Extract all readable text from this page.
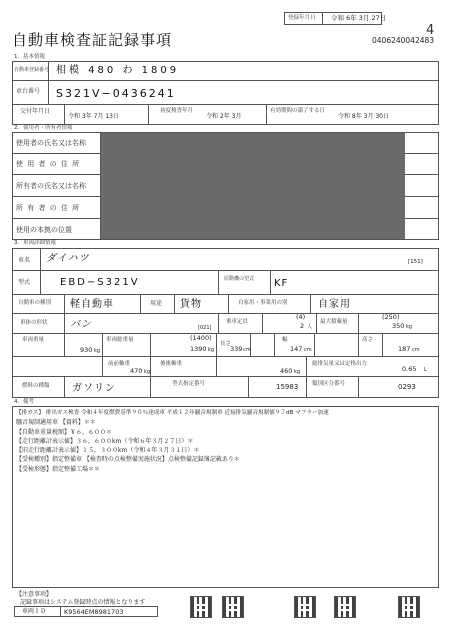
登録年月日 令和 6年 3月 27日
4
自動車検査証記録事項	0406240042483
1．基本情報
自動車登録番号 相模 480 わ 1809
車台番号 S321V−0436241
交付年月日
令和 3年 7月 13日
初度検査年月
令和 2年 3月
有効期間の満了する日
令和 8年 3月 30日
2．使用者・所有者情報
使用者の氏名又は名称
使 用 者 の 住 所
所有者の氏名又は名称
所 有 者 の 住 所
使用の本拠の位置
3．車両詳細情報
車名 ダイハツ	[151]
型式	EBD−S321V	原動機の型式 KF
自動車の種別 軽自動車	用途 貨物	自家用・事業用の別	自家用
車体の形状 バン	[021]
乗車定員
(4)
2 人
最大積載量
(250)
350 kg
車両重量
930 kg
車両総重量	(1400)
1390 kg
長さ
339 cm
幅
147 cm
高さ
187 cm
前前軸重
470 kg
後後軸重
460 kg
総排気量又は定格出力
0.65 L
燃料の種類 ガソリン	型式指定番号	15983 類別区分番号	0293
4．備考
【排ガス】 排出ガス検査 令和４年度燃費基準９０％達成車 平成１２年騒音規制車 近接排気騒音規制値９７dB マフラー加速
騒音規制適用車 【資料】＊＊
【自動車重量税額】￥６，６００＊
【走行距離計表示値】３６，６００km（令和６年３月２７日）＊
【旧走行距離計表示値】１５，３００km（令和４年３月３１日）＊
【受検種別】指定整備車 【検査時の点検整備実施状況】点検整備記録簿記載あり＊
【受検形態】指定整備工場＊＊
【注意事項】
記録事項はシステム登録時点の情報となります
車両ＩＤ	K9564EM8981703
